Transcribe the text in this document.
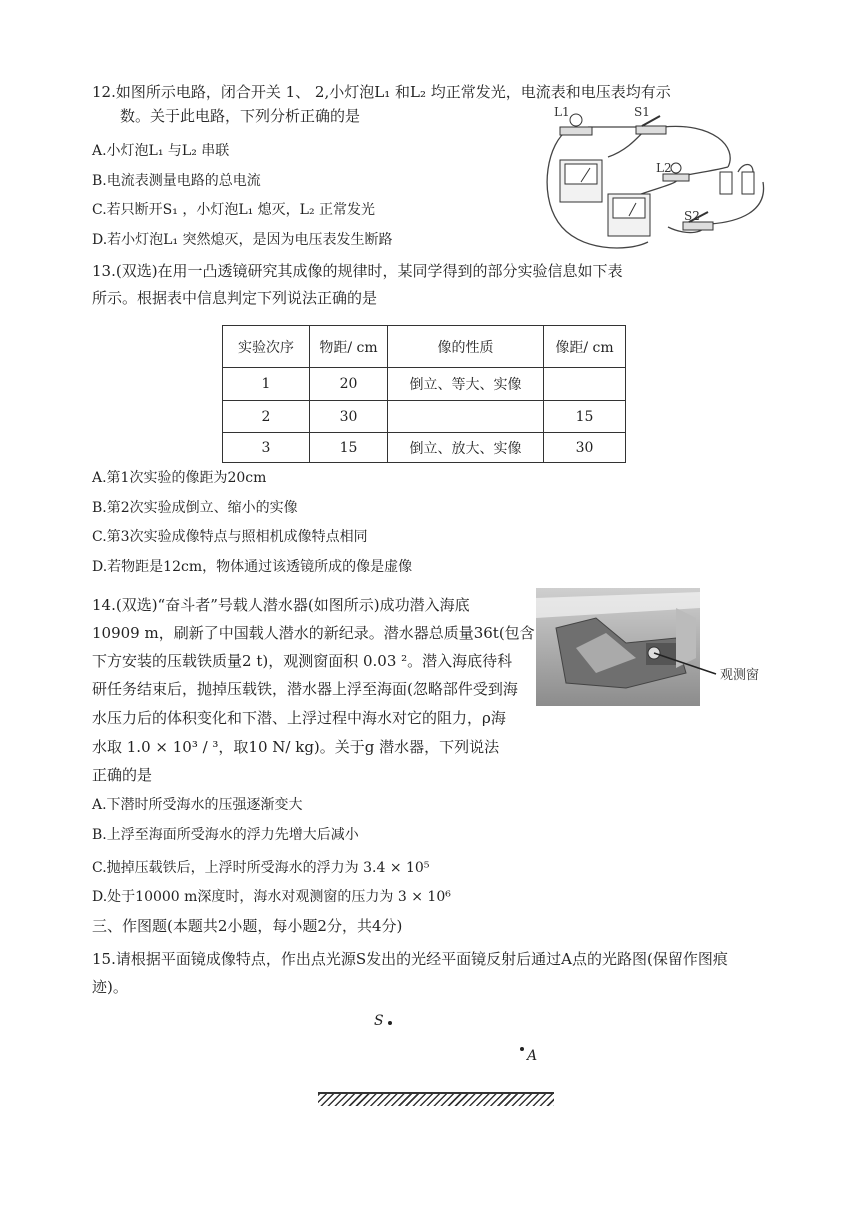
12.如图所示电路，闭合开关 1、 2,小灯泡L₁ 和L₂ 均正常发光，电流表和电压表均有示
数。关于此电路，下列分析正确的是
A.小灯泡L₁ 与L₂ 串联
B.电流表测量电路的总电流
C.若只断开S₁ ，小灯泡L₁ 熄灭，L₂ 正常发光
D.若小灯泡L₁ 突然熄灭，是因为电压表发生断路
L1	S1
L2
S2
13.(双选)在用一凸透镜研究其成像的规律时，某同学得到的部分实验信息如下表
所示。根据表中信息判定下列说法正确的是
实验次序	物距/ cm	像的性质	像距/ cm
1	20	倒立、等大、实像	
2	30		15
3	15	倒立、放大、实像	30
A.第1次实验的像距为20cm
B.第2次实验成倒立、缩小的实像
C.第3次实验成像特点与照相机成像特点相同
D.若物距是12cm，物体通过该透镜所成的像是虚像
14.(双选)“奋斗者”号载人潜水器(如图所示)成功潜入海底
10909 m，刷新了中国载人潜水的新纪录。潜水器总质量36t(包含
下方安装的压载铁质量2 t)，观测窗面积 0.03 ²。潜入海底待科
研任务结束后，抛掉压载铁，潜水器上浮至海面(忽略部件受到海
水压力后的体积变化和下潜、上浮过程中海水对它的阻力，ρ海
水取 1.0 × 10³ / ³，取10 N/ kg)。关于g 潜水器，下列说法
正确的是
A.下潜时所受海水的压强逐渐变大
B.上浮至海面所受海水的浮力先增大后减小
C.抛掉压载铁后，上浮时所受海水的浮力为 3.4 × 10⁵
D.处于10000 m深度时，海水对观测窗的压力为 3 × 10⁶
观测窗
三、作图题(本题共2小题，每小题2分，共4分)
15.请根据平面镜成像特点，作出点光源S发出的光经平面镜反射后通过A点的光路图(保留作图痕
迹)。
S
A
